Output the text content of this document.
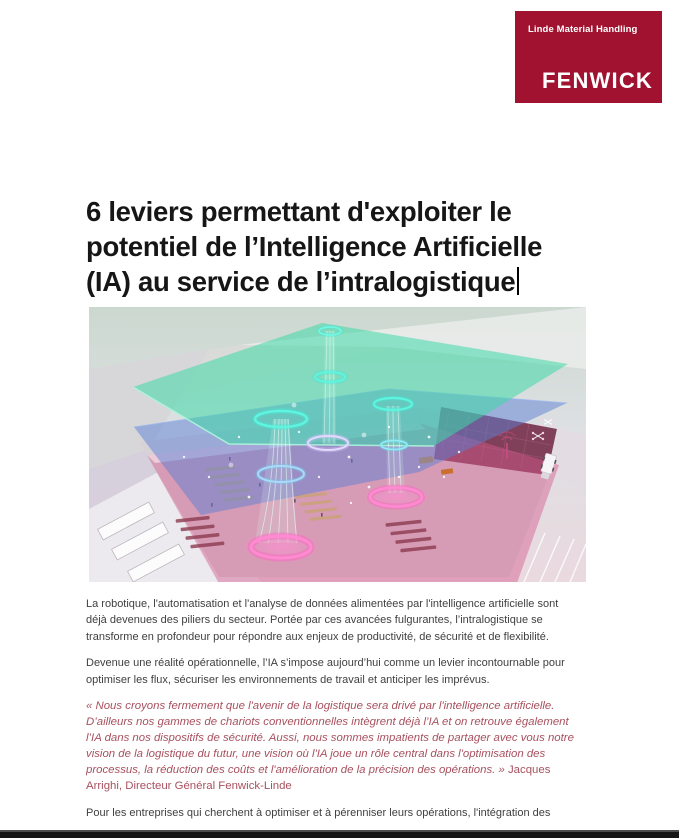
Linde Material Handling
FENWICK
6 leviers permettant d'exploiter le
potentiel de l’Intelligence Artificielle
(IA) au service de l’intralogistique

La robotique, l'automatisation et l'analyse de données alimentées par l'intelligence artificielle sont déjà devenues des piliers du secteur. Portée par ces avancées fulgurantes, l’intralogistique se transforme en profondeur pour répondre aux enjeux de productivité, de sécurité et de flexibilité.

Devenue une réalité opérationnelle, l’IA s’impose aujourd’hui comme un levier incontournable pour optimiser les flux, sécuriser les environnements de travail et anticiper les imprévus.

« Nous croyons fermement que l'avenir de la logistique sera drivé par l'intelligence artificielle. D’ailleurs nos gammes de chariots conventionnelles intègrent déjà l’IA et on retrouve également l’IA dans nos dispositifs de sécurité. Aussi, nous sommes impatients de partager avec vous notre vision de la logistique du futur, une vision où l'IA joue un rôle central dans l'optimisation des processus, la réduction des coûts et l'amélioration de la précision des opérations. » Jacques Arrighi, Directeur Général Fenwick-Linde

Pour les entreprises qui cherchent à optimiser et à pérenniser leurs opérations, l'intégration des
